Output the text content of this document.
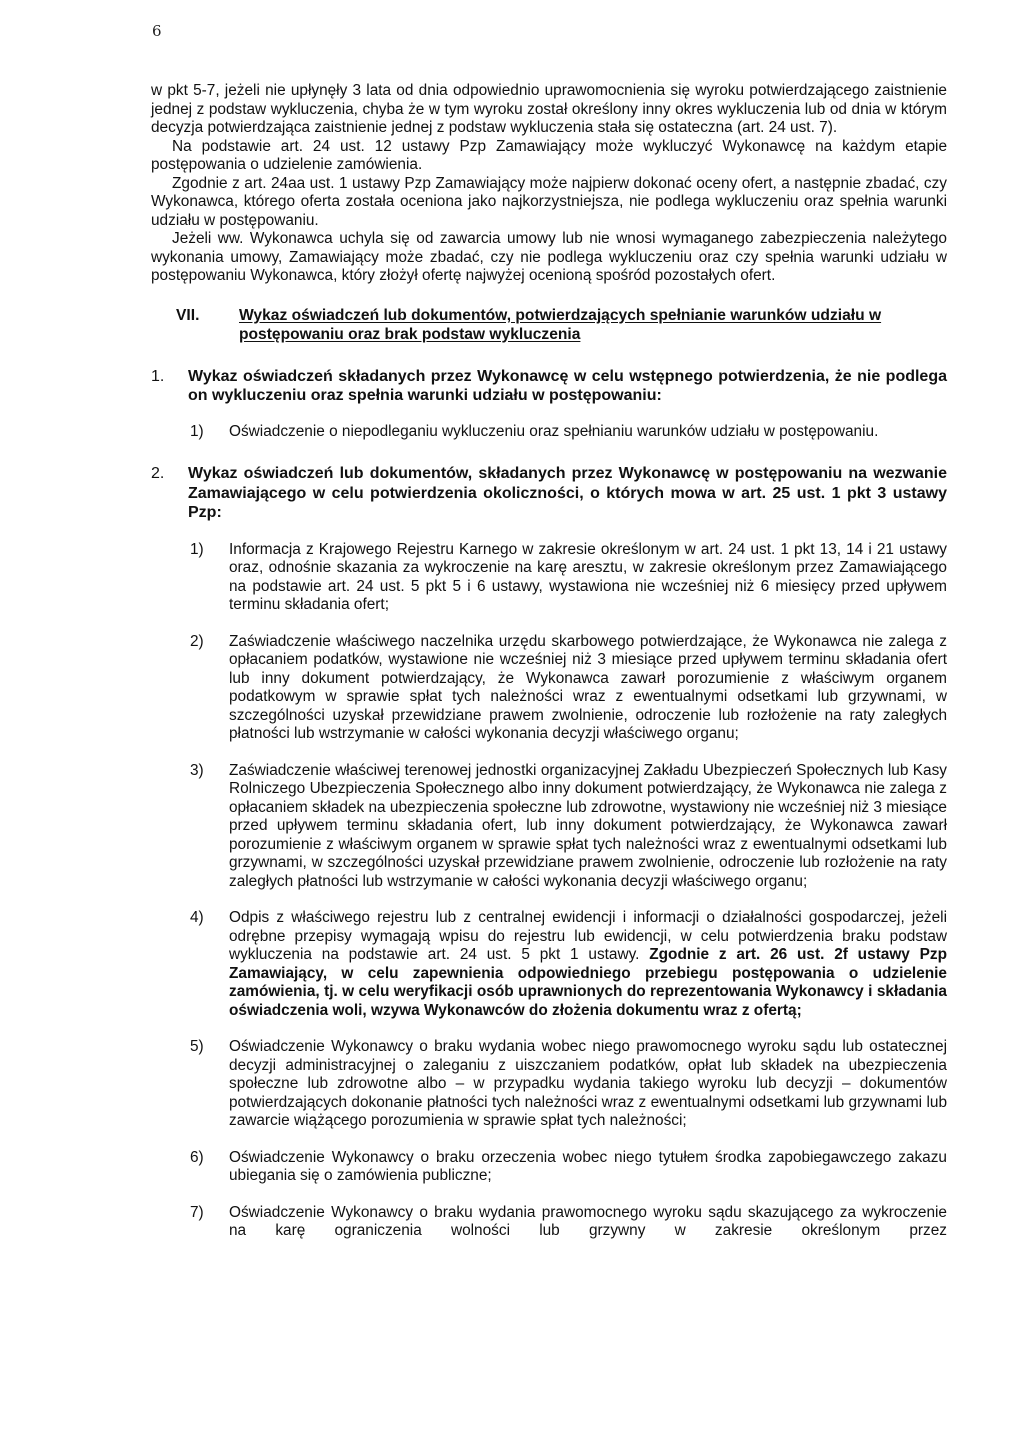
6

w pkt 5-7, jeżeli nie upłynęły 3 lata od dnia odpowiednio uprawomocnienia się wyroku potwierdzającego zaistnienie jednej z podstaw wykluczenia, chyba że w tym wyroku został określony inny okres wykluczenia lub od dnia w którym decyzja potwierdzająca zaistnienie jednej z podstaw wykluczenia stała się ostateczna (art. 24 ust. 7).

Na podstawie art. 24 ust. 12 ustawy Pzp Zamawiający może wykluczyć Wykonawcę na każdym etapie postępowania o udzielenie zamówienia.

Zgodnie z art. 24aa ust. 1 ustawy Pzp Zamawiający może najpierw dokonać oceny ofert, a następnie zbadać, czy Wykonawca, którego oferta została oceniona jako najkorzystniejsza, nie podlega wykluczeniu oraz spełnia warunki udziału w postępowaniu.

Jeżeli ww. Wykonawca uchyla się od zawarcia umowy lub nie wnosi wymaganego zabezpieczenia należytego wykonania umowy, Zamawiający może zbadać, czy nie podlega wykluczeniu oraz czy spełnia warunki udziału w postępowaniu Wykonawca, który złożył ofertę najwyżej ocenioną spośród pozostałych ofert.

VII.	Wykaz oświadczeń lub dokumentów, potwierdzających spełnianie warunków udziału w postępowaniu oraz brak podstaw wykluczenia
1.	Wykaz oświadczeń składanych przez Wykonawcę w celu wstępnego potwierdzenia, że nie podlega on wykluczeniu oraz spełnia warunki udziału w postępowaniu:
1)	Oświadczenie o niepodleganiu wykluczeniu oraz spełnianiu warunków udziału w postępowaniu.
2.	Wykaz oświadczeń lub dokumentów, składanych przez Wykonawcę w postępowaniu na wezwanie Zamawiającego w celu potwierdzenia okoliczności, o których mowa w art. 25 ust. 1 pkt 3 ustawy Pzp:
1)	Informacja z Krajowego Rejestru Karnego w zakresie określonym w art. 24 ust. 1 pkt 13, 14 i 21 ustawy oraz, odnośnie skazania za wykroczenie na karę aresztu, w zakresie określonym przez Zamawiającego na podstawie art. 24 ust. 5 pkt 5 i 6 ustawy, wystawiona nie wcześniej niż 6 miesięcy przed upływem terminu składania ofert;
2)	Zaświadczenie właściwego naczelnika urzędu skarbowego potwierdzające, że Wykonawca nie zalega z opłacaniem podatków, wystawione nie wcześniej niż 3 miesiące przed upływem terminu składania ofert lub inny dokument potwierdzający, że Wykonawca zawarł porozumienie z właściwym organem podatkowym w sprawie spłat tych należności wraz z ewentualnymi odsetkami lub grzywnami, w szczególności uzyskał przewidziane prawem zwolnienie, odroczenie lub rozłożenie na raty zaległych płatności lub wstrzymanie w całości wykonania decyzji właściwego organu;
3)	Zaświadczenie właściwej terenowej jednostki organizacyjnej Zakładu Ubezpieczeń Społecznych lub Kasy Rolniczego Ubezpieczenia Społecznego albo inny dokument potwierdzający, że Wykonawca nie zalega z opłacaniem składek na ubezpieczenia społeczne lub zdrowotne, wystawiony nie wcześniej niż 3 miesiące przed upływem terminu składania ofert, lub inny dokument potwierdzający, że Wykonawca zawarł porozumienie z właściwym organem w sprawie spłat tych należności wraz z ewentualnymi odsetkami lub grzywnami, w szczególności uzyskał przewidziane prawem zwolnienie, odroczenie lub rozłożenie na raty zaległych płatności lub wstrzymanie w całości wykonania decyzji właściwego organu;
4)	Odpis z właściwego rejestru lub z centralnej ewidencji i informacji o działalności gospodarczej, jeżeli odrębne przepisy wymagają wpisu do rejestru lub ewidencji, w celu potwierdzenia braku podstaw wykluczenia na podstawie art. 24 ust. 5 pkt 1 ustawy. Zgodnie z art. 26 ust. 2f ustawy Pzp Zamawiający, w celu zapewnienia odpowiedniego przebiegu postępowania o udzielenie zamówienia, tj. w celu weryfikacji osób uprawnionych do reprezentowania Wykonawcy i składania oświadczenia woli, wzywa Wykonawców do złożenia dokumentu wraz z ofertą;
5)	Oświadczenie Wykonawcy o braku wydania wobec niego prawomocnego wyroku sądu lub ostatecznej decyzji administracyjnej o zaleganiu z uiszczaniem podatków, opłat lub składek na ubezpieczenia społeczne lub zdrowotne albo – w przypadku wydania takiego wyroku lub decyzji – dokumentów potwierdzających dokonanie płatności tych należności wraz z ewentualnymi odsetkami lub grzywnami lub zawarcie wiążącego porozumienia w sprawie spłat tych należności;
6)	Oświadczenie Wykonawcy o braku orzeczenia wobec niego tytułem środka zapobiegawczego zakazu ubiegania się o zamówienia publiczne;
7)	Oświadczenie Wykonawcy o braku wydania prawomocnego wyroku sądu skazującego za wykroczenie na karę ograniczenia wolności lub grzywny w zakresie określonym przez
